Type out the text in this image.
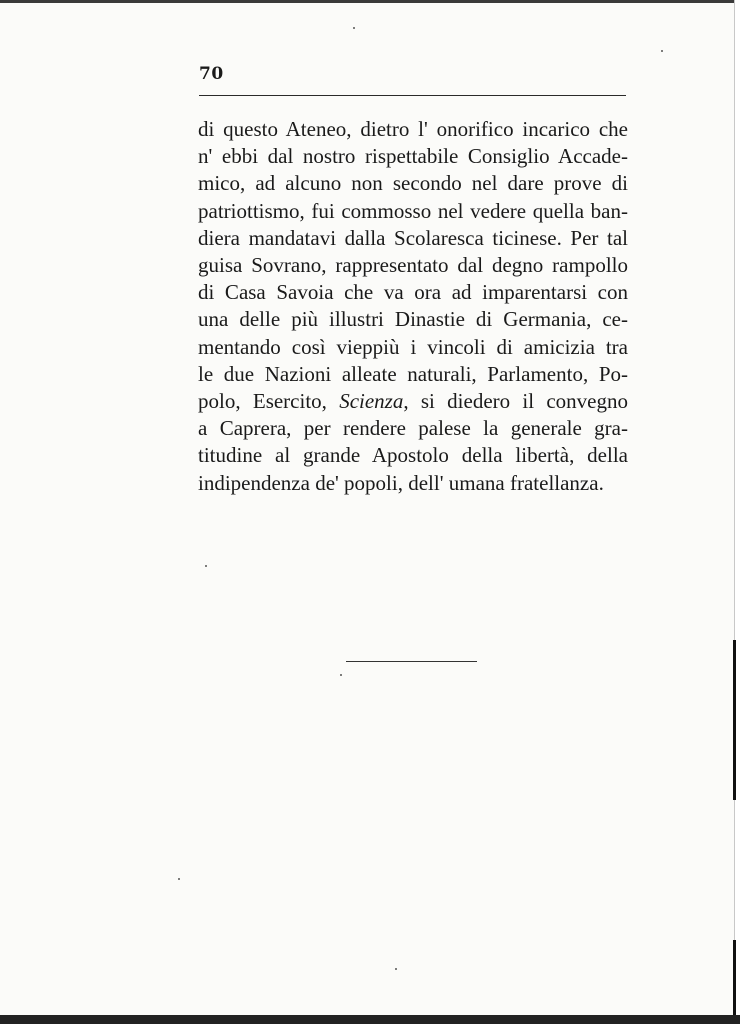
70
di questo Ateneo, dietro l' onorifico incarico che
n' ebbi dal nostro rispettabile Consiglio Accade-
mico, ad alcuno non secondo nel dare prove di
patriottismo, fui commosso nel vedere quella ban-
diera mandatavi dalla Scolaresca ticinese. Per tal
guisa Sovrano, rappresentato dal degno rampollo
di Casa Savoia che va ora ad imparentarsi con
una delle più illustri Dinastie di Germania, ce-
mentando così vieppiù i vincoli di amicizia tra
le due Nazioni alleate naturali, Parlamento, Po-
polo, Esercito, Scienza, si diedero il convegno
a Caprera, per rendere palese la generale gra-
titudine al grande Apostolo della libertà, della
indipendenza de' popoli, dell' umana fratellanza.
